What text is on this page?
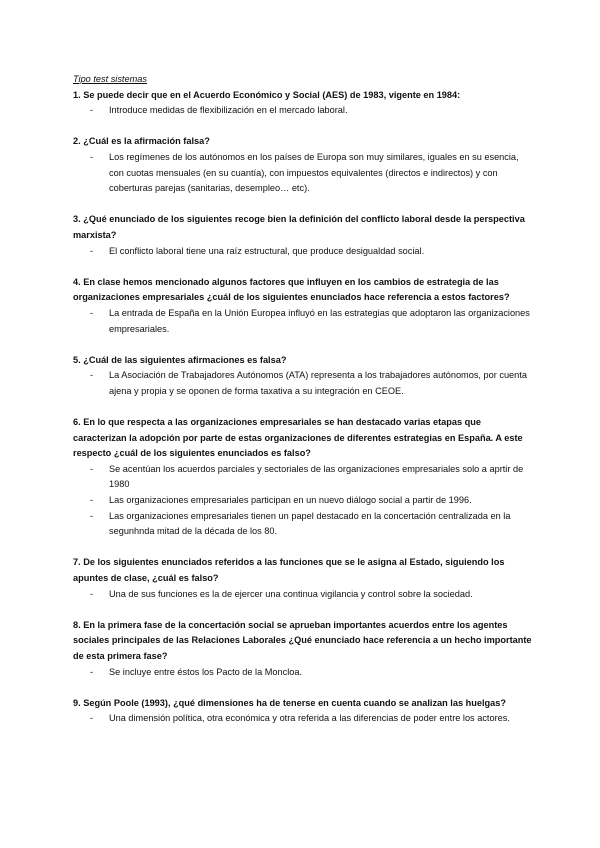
Tipo test sistemas
1. Se puede decir que en el Acuerdo Económico y Social (AES) de 1983, vigente en 1984:
- Introduce medidas de flexibilización en el mercado laboral.
2. ¿Cuál es la afirmación falsa?
- Los regímenes de los autónomos en los países de Europa son muy similares, iguales en su esencia, con cuotas mensuales (en su cuantía), con impuestos equivalentes (directos e indirectos) y con coberturas parejas (sanitarias, desempleo… etc).
3. ¿Qué enunciado de los siguientes recoge bien la definición del conflicto laboral desde la perspectiva marxista?
- El conflicto laboral tiene una raíz estructural, que produce desigualdad social.
4. En clase hemos mencionado algunos factores que influyen en los cambios de estrategia de las organizaciones empresariales ¿cuál de los siguientes enunciados hace referencia a estos factores?
- La entrada de España en la Unión Europea influyó en las estrategias que adoptaron las organizaciones empresariales.
5. ¿Cuál de las siguientes afirmaciones es falsa?
- La Asociación de Trabajadores Autónomos (ATA) representa a los trabajadores autónomos, por cuenta ajena y propia y se oponen de forma taxativa a su integración en CEOE.
6. En lo que respecta a las organizaciones empresariales se han destacado varias etapas que caracterizan la adopción por parte de estas organizaciones de diferentes estrategias en España. A este respecto ¿cuál de los siguientes enunciados es falso?
- Se acentúan los acuerdos parciales y sectoriales de las organizaciones empresariales solo a aprtir de 1980
- Las organizaciones empresariales participan en un nuevo diálogo social a partir de 1996.
- Las organizaciones empresariales tienen un papel destacado en la concertación centralizada en la segunhnda mitad de la década de los 80.
7. De los siguientes enunciados referidos a las funciones que se le asigna al Estado, siguiendo los apuntes de clase, ¿cuál es falso?
- Una de sus funciones es la de ejercer una continua vigilancia y control sobre la sociedad.
8. En la primera fase de la concertación social se aprueban importantes acuerdos entre los agentes sociales principales de las Relaciones Laborales ¿Qué enunciado hace referencia a un hecho importante de esta primera fase?
- Se incluye entre éstos los Pacto de la Moncloa.
9. Según Poole (1993), ¿qué dimensiones ha de tenerse en cuenta cuando se analizan las huelgas?
- Una dimensión política, otra económica y otra referida a las diferencias de poder entre los actores.
